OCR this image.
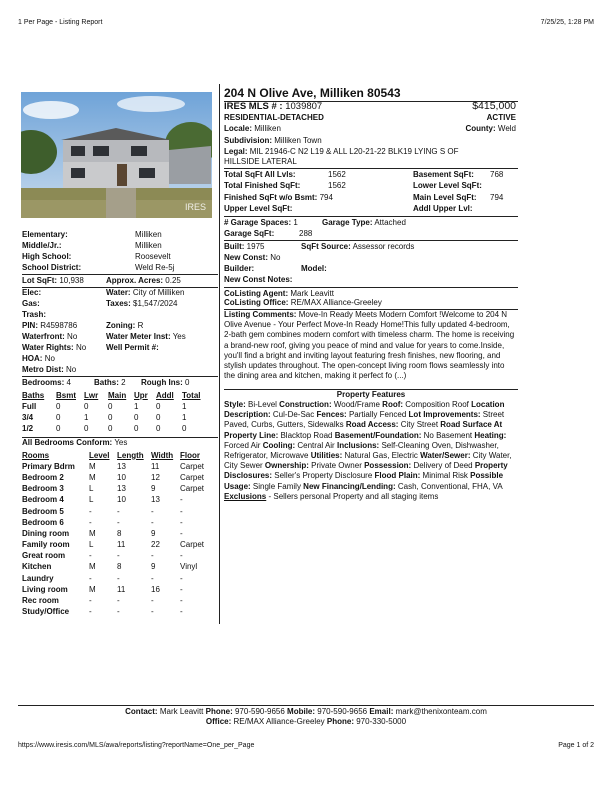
1 Per Page - Listing Report	7/25/25, 1:28 PM
IRES
204 N Olive Ave, Milliken 80543
IRES MLS # : 1039807	$415,000
RESIDENTIAL-DETACHED	ACTIVE
Locale: Milliken	County: Weld
Subdivision: Milliken Town
Legal: MIL 21946-C N2 L19 & ALL L20-21-22 BLK19 LYING S OF HILLSIDE LATERAL
Total SqFt All Lvls:	1562
Total Finished SqFt:	1562
Finished SqFt w/o Bsmt: 794
Upper Level SqFt:
Basement SqFt: 768
Lower Level SqFt:
Main Level SqFt: 794
Addl Upper Lvl:
# Garage Spaces: 1	Garage Type: Attached
Garage SqFt:	288
Built: 1975	SqFt Source: Assessor records
New Const: No
Builder:	Model:
New Const Notes:
CoListing Agent: Mark Leavitt
CoListing Office: RE/MAX Alliance-Greeley
Listing Comments: Move-In Ready Meets Modern Comfort !Welcome to 204 N Olive Avenue - Your Perfect Move-In Ready Home!This fully updated 4-bedroom, 2-bath gem combines modern comfort with timeless charm. The home is receiving a brand-new roof, giving you peace of mind and value for years to come.Inside, you'll find a bright and inviting layout featuring fresh finishes, new flooring, and stylish updates throughout. The open-concept living room flows seamlessly into the dining area and kitchen, making it perfect fo (...)
Property Features
Style: Bi-Level Construction: Wood/Frame Roof: Composition Roof Location Description: Cul-De-Sac Fences: Partially Fenced Lot Improvements: Street Paved, Curbs, Gutters, Sidewalks Road Access: City Street Road Surface At Property Line: Blacktop Road Basement/Foundation: No Basement Heating: Forced Air Cooling: Central Air Inclusions: Self-Cleaning Oven, Dishwasher, Refrigerator, Microwave Utilities: Natural Gas, Electric Water/Sewer: City Water, City Sewer Ownership: Private Owner Possession: Delivery of Deed Property Disclosures: Seller's Property Disclosure Flood Plain: Minimal Risk Possible Usage: Single Family New Financing/Lending: Cash, Conventional, FHA, VA Exclusions - Sellers personal Property and all staging items
Elementary:	Milliken
Middle/Jr.:	Milliken
High School:	Roosevelt
School District:	Weld Re-5j
Lot SqFt: 10,938	Approx. Acres: 0.25
Elec:	Water: City of Milliken
Gas:	Taxes: $1,547/2024
Trash:
PIN: R4598786	Zoning: R
Waterfront: No	Water Meter Inst: Yes
Water Rights: No Well Permit #:
HOA: No
Metro Dist: No
Bedrooms: 4	Baths: 2 Rough Ins: 0
Baths	Bsmt	Lwr	Main	Upr	Addl	Total
Full	0	0	0	1	0	1
3/4	0	1	0	0	0	1
1/2	0	0	0	0	0	0
All Bedrooms Conform: Yes
Rooms	Level	Length	Width	Floor
Primary Bdrm	M	13	11	Carpet
Bedroom 2	M	10	12	Carpet
Bedroom 3	L	13	9	Carpet
Bedroom 4	L	10	13	-
Bedroom 5	-	-	-	-
Bedroom 6	-	-	-	-
Dining room	M	8	9	-
Family room	L	11	22	Carpet
Great room	-	-	-	-
Kitchen	M	8	9	Vinyl
Laundry	-	-	-	-
Living room	M	11	16	-
Rec room	-	-	-	-
Study/Office	-	-	-	-
Contact: Mark Leavitt Phone: 970-590-9656 Mobile: 970-590-9656 Email: mark@thenixonteam.com
Office: RE/MAX Alliance-Greeley Phone: 970-330-5000
https://www.iresis.com/MLS/awa/reports/listing?reportName=One_per_Page	Page 1 of 2
